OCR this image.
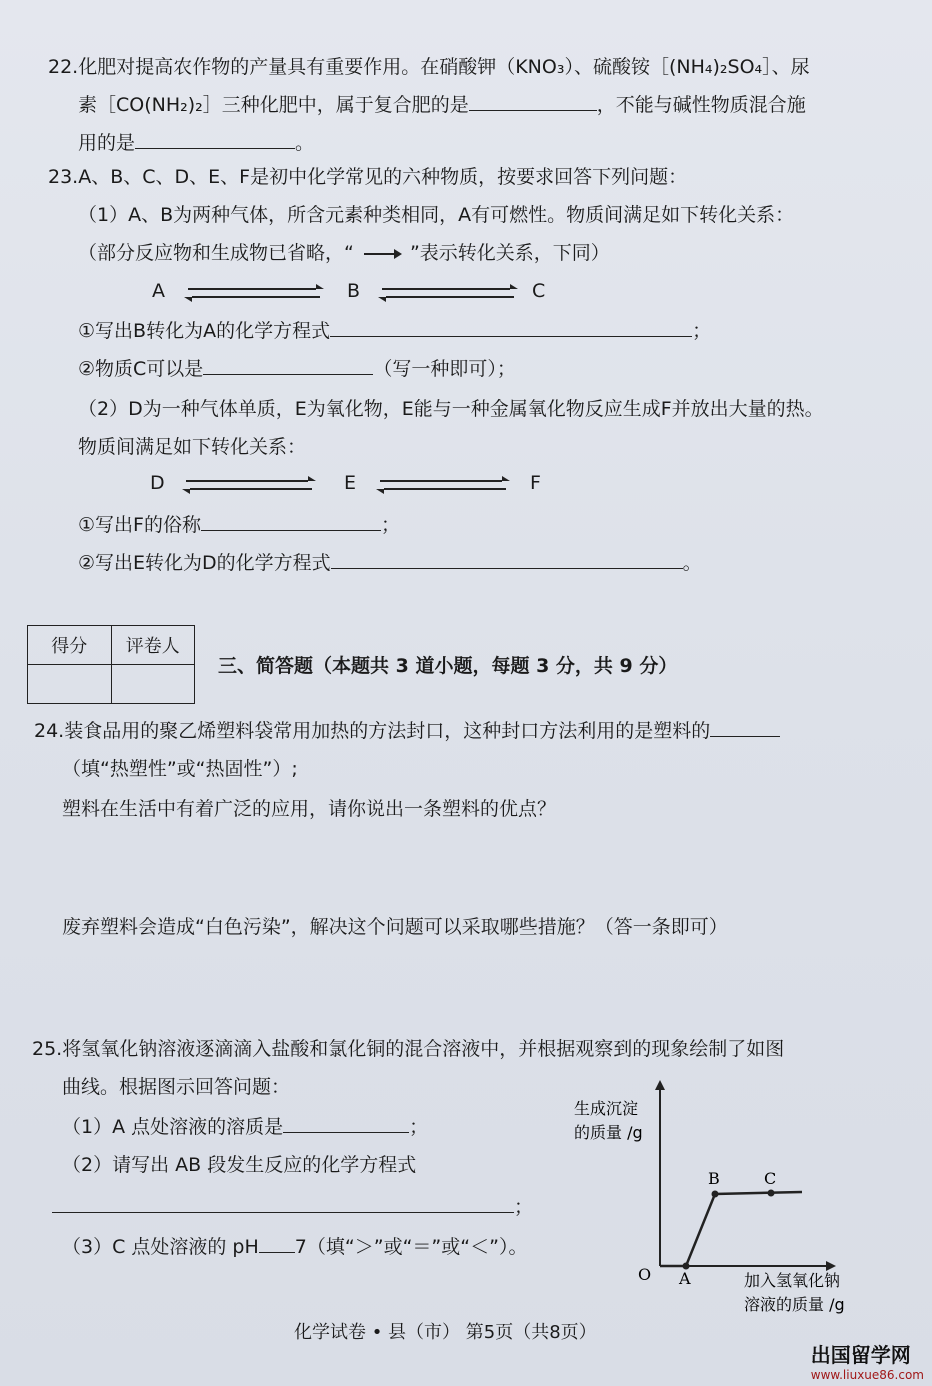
22.化肥对提高农作物的产量具有重要作用。在硝酸钾（KNO₃）、硫酸铵［(NH₄)₂SO₄］、尿
素［CO(NH₂)₂］三种化肥中，属于复合肥的是	，不能与碱性物质混合施
用的是	。
23.A、B、C、D、E、F是初中化学常见的六种物质，按要求回答下列问题：
（1）A、B为两种气体，所含元素种类相同，A有可燃性。物质间满足如下转化关系：
（部分反应物和生成物已省略，“	”表示转化关系，下同）
A	B	C
①写出B转化为A的化学方程式	；
②物质C可以是	（写一种即可）；
（2）D为一种气体单质，E为氧化物，E能与一种金属氧化物反应生成F并放出大量的热。
物质间满足如下转化关系：
D	E	F
①写出F的俗称	；
②写出E转化为D的化学方程式	。
得分	评卷人

三、简答题（本题共 3 道小题，每题 3 分，共 9 分）
24.装食品用的聚乙烯塑料袋常用加热的方法封口，这种封口方法利用的是塑料的
（填“热塑性”或“热固性”）;
塑料在生活中有着广泛的应用，请你说出一条塑料的优点？
废弃塑料会造成“白色污染”，解决这个问题可以采取哪些措施？（答一条即可）
25.将氢氧化钠溶液逐滴滴入盐酸和氯化铜的混合溶液中，并根据观察到的现象绘制了如图
曲线。根据图示回答问题：
（1）A 点处溶液的溶质是	；
（2）请写出 AB 段发生反应的化学方程式
；
（3）C 点处溶液的 pH 7（填“＞”或“＝”或“＜”）。
O A
B	C
生成沉淀
的质量 /g
加入氢氧化钠
溶液的质量 /g
化学试卷 • 县（市） 第5页（共8页）
出国留学网
www.liuxue86.com
